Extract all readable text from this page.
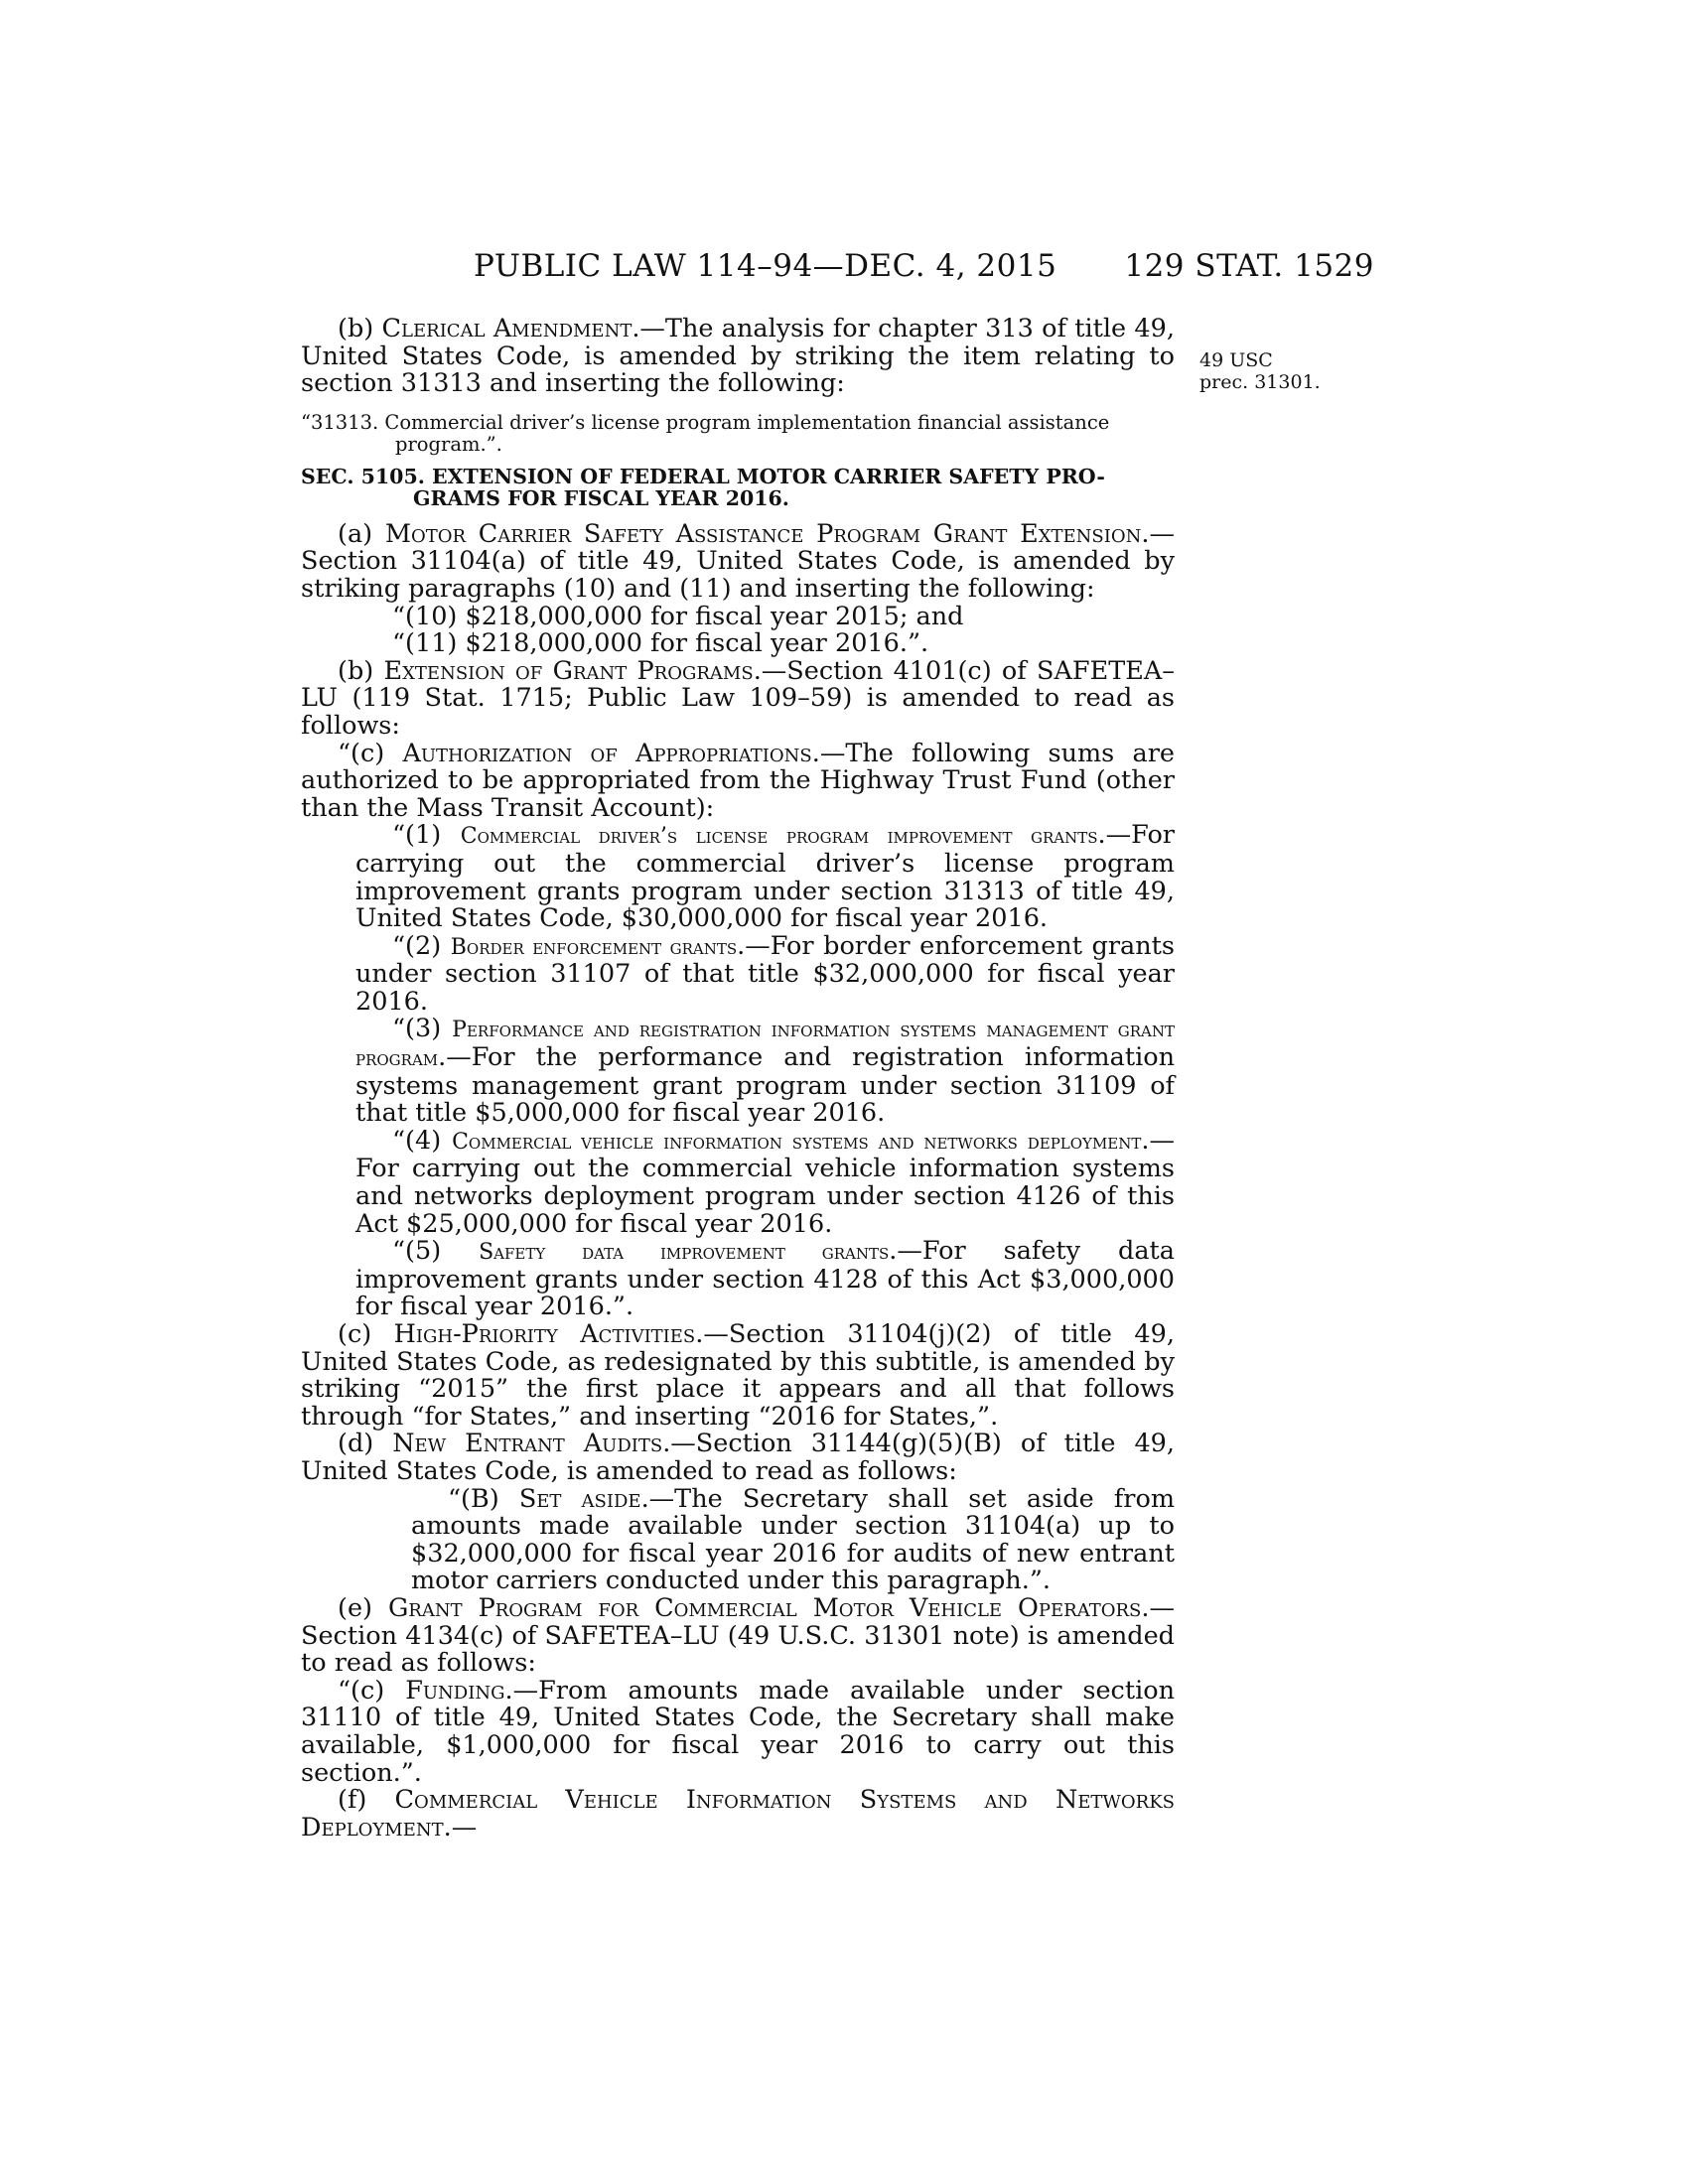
PUBLIC LAW 114–94—DEC. 4, 2015 129 STAT. 1529
49 USC
prec. 31301.

(b) Clerical Amendment.—The analysis for chapter 313 of title 49, United States Code, is amended by striking the item relating to section 31313 and inserting the following:

“31313. Commercial driver’s license program implementation financial assistance
program.”.
SEC. 5105. EXTENSION OF FEDERAL MOTOR CARRIER SAFETY PRO-
GRAMS FOR FISCAL YEAR 2016.

(a) Motor Carrier Safety Assistance Program Grant Extension.—Section 31104(a) of title 49, United States Code, is amended by striking paragraphs (10) and (11) and inserting the following:

“(10) $218,000,000 for fiscal year 2015; and

“(11) $218,000,000 for fiscal year 2016.”.

(b) Extension of Grant Programs.—Section 4101(c) of SAFETEA–LU (119 Stat. 1715; Public Law 109–59) is amended to read as follows:

“(c) Authorization of Appropriations.—The following sums are authorized to be appropriated from the Highway Trust Fund (other than the Mass Transit Account):

“(1) Commercial driver’s license program improvement grants.—For carrying out the commercial driver’s license program improvement grants program under section 31313 of title 49, United States Code, $30,000,000 for fiscal year 2016.

“(2) Border enforcement grants.—For border enforcement grants under section 31107 of that title $32,000,000 for fiscal year 2016.

“(3) Performance and registration information systems management grant program.—For the performance and registration information systems management grant program under section 31109 of that title $5,000,000 for fiscal year 2016.

“(4) Commercial vehicle information systems and networks deployment.—For carrying out the commercial vehicle information systems and networks deployment program under section 4126 of this Act $25,000,000 for fiscal year 2016.

“(5) Safety data improvement grants.—For safety data improvement grants under section 4128 of this Act $3,000,000 for fiscal year 2016.”.

(c) High-Priority Activities.—Section 31104(j)(2) of title 49, United States Code, as redesignated by this subtitle, is amended by striking “2015” the first place it appears and all that follows through “for States,” and inserting “2016 for States,”.

(d) New Entrant Audits.—Section 31144(g)(5)(B) of title 49, United States Code, is amended to read as follows:

“(B) Set aside.—The Secretary shall set aside from amounts made available under section 31104(a) up to $32,000,000 for fiscal year 2016 for audits of new entrant motor carriers conducted under this paragraph.”.

(e) Grant Program for Commercial Motor Vehicle Operators.—Section 4134(c) of SAFETEA–LU (49 U.S.C. 31301 note) is amended to read as follows:

“(c) Funding.—From amounts made available under section 31110 of title 49, United States Code, the Secretary shall make available, $1,000,000 for fiscal year 2016 to carry out this section.”.

(f) Commercial Vehicle Information Systems and Networks Deployment.—
